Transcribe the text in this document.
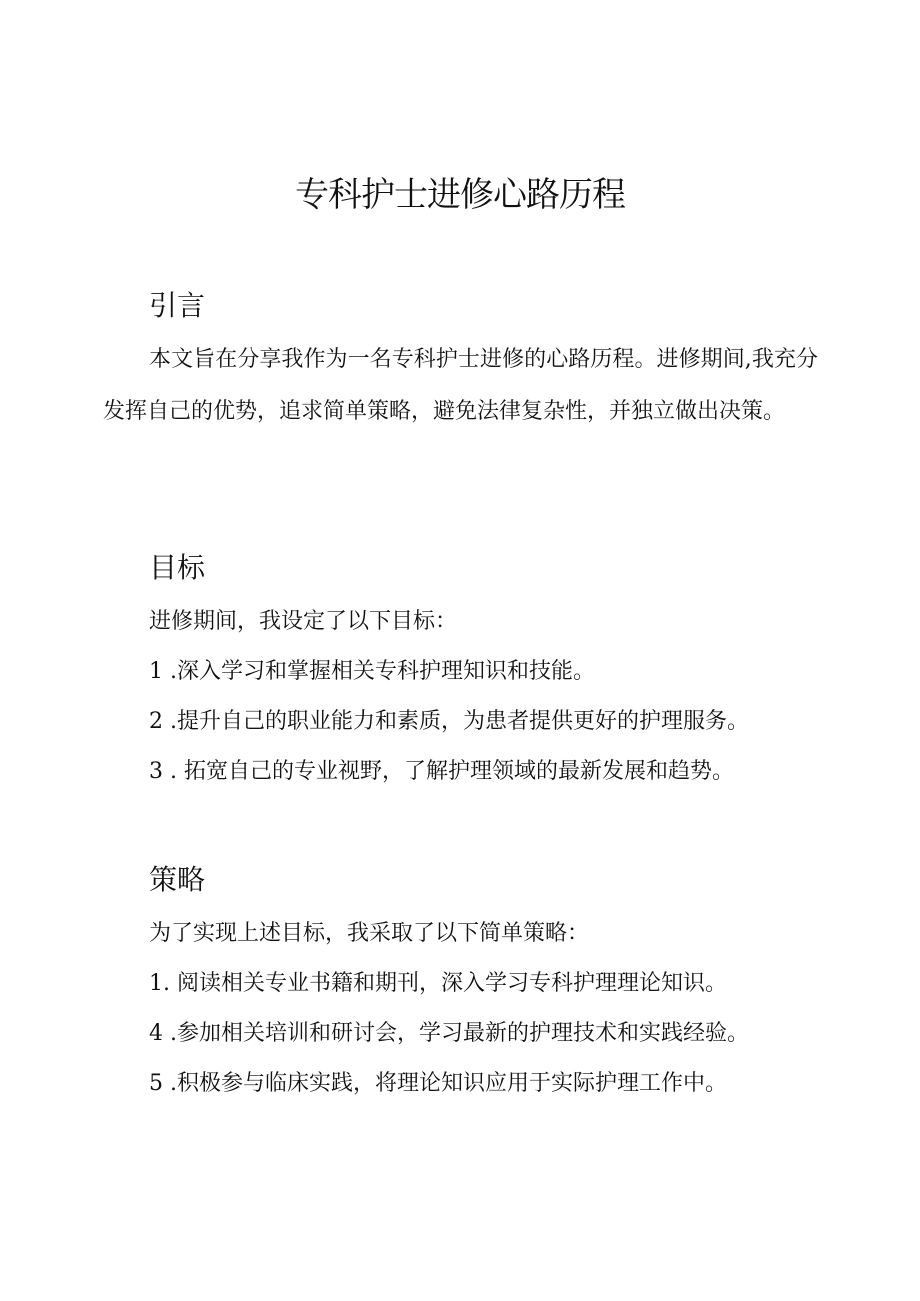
专科护士进修心路历程
引言

本文旨在分享我作为一名专科护士进修的心路历程。进修期间,我充分发挥自己的优势，追求简单策略，避免法律复杂性，并独立做出决策。

目标

进修期间，我设定了以下目标：

1 .深入学习和掌握相关专科护理知识和技能。

2 .提升自己的职业能力和素质，为患者提供更好的护理服务。

3 . 拓宽自己的专业视野，了解护理领域的最新发展和趋势。

策略

为了实现上述目标，我采取了以下简单策略：

1. 阅读相关专业书籍和期刊，深入学习专科护理理论知识。

4 .参加相关培训和研讨会，学习最新的护理技术和实践经验。

5 .积极参与临床实践，将理论知识应用于实际护理工作中。
